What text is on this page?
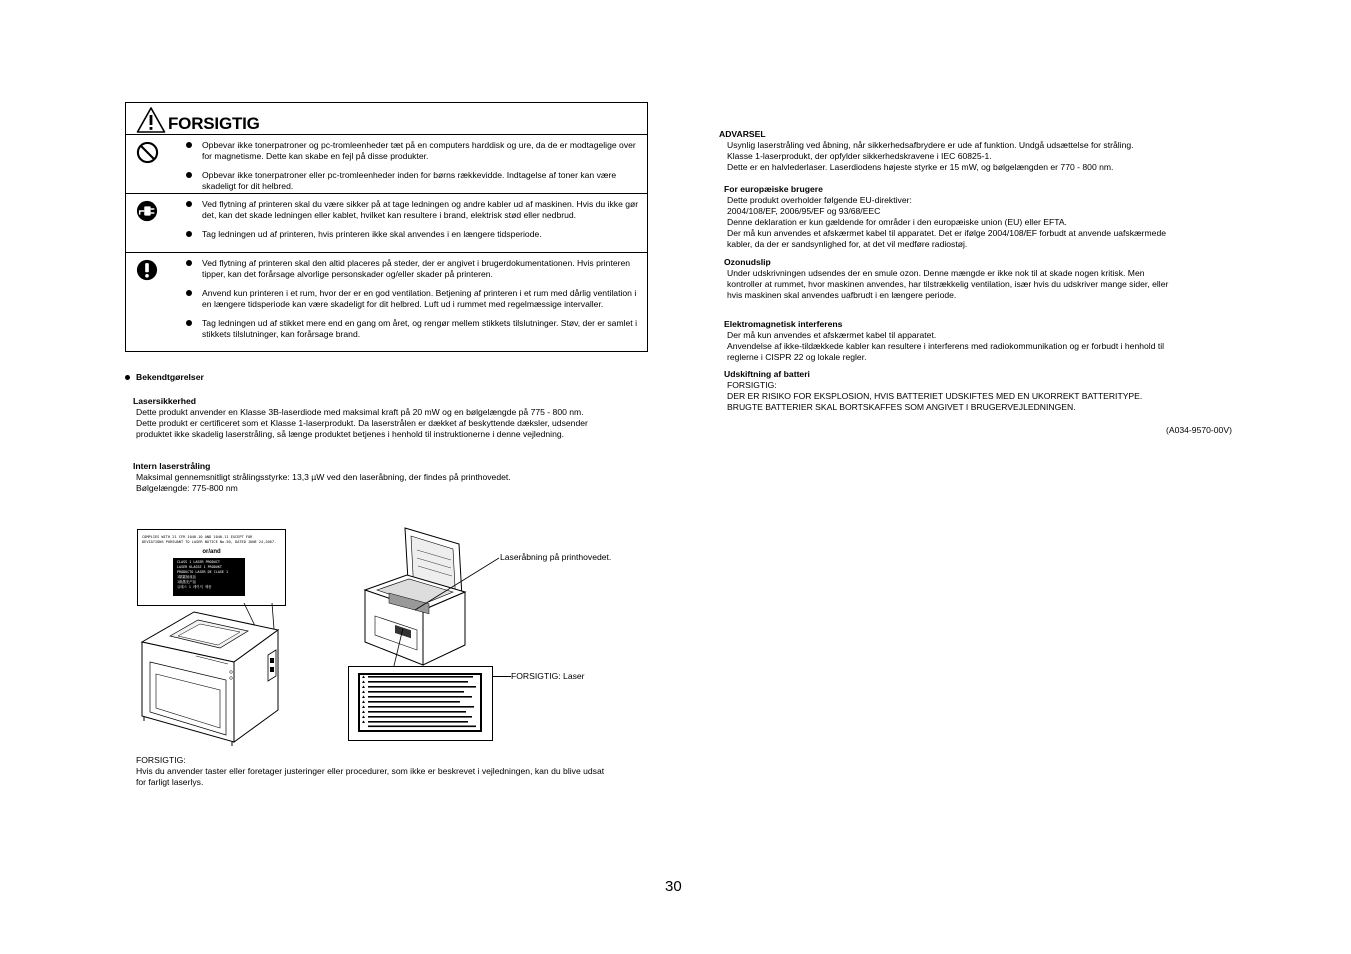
FORSIGTIG
Opbevar ikke tonerpatroner og pc-tromleenheder tæt på en computers harddisk og ure, da de er modtagelige over for magnetisme. Dette kan skabe en fejl på disse produkter.
Opbevar ikke tonerpatroner eller pc-tromleenheder inden for børns rækkevidde. Indtagelse af toner kan være skadeligt for dit helbred.
Ved flytning af printeren skal du være sikker på at tage ledningen og andre kabler ud af maskinen. Hvis du ikke gør det, kan det skade ledningen eller kablet, hvilket kan resultere i brand, elektrisk stød eller nedbrud.
Tag ledningen ud af printeren, hvis printeren ikke skal anvendes i en længere tidsperiode.
Ved flytning af printeren skal den altid placeres på steder, der er angivet i brugerdokumentationen. Hvis printeren tipper, kan det forårsage alvorlige personskader og/eller skader på printeren.
Anvend kun printeren i et rum, hvor der er en god ventilation. Betjening af printeren i et rum med dårlig ventilation i en længere tidsperiode kan være skadeligt for dit helbred. Luft ud i rummet med regelmæssige intervaller.
Tag ledningen ud af stikket mere end en gang om året, og rengør mellem stikkets tilslutninger. Støv, der er samlet i stikkets tilslutninger, kan forårsage brand.
Bekendtgørelser
Lasersikkerhed
Dette produkt anvender en Klasse 3B-laserdiode med maksimal kraft på 20 mW og en bølgelængde på 775 - 800 nm.
Dette produkt er certificeret som et Klasse 1-laserprodukt. Da laserstrålen er dækket af beskyttende dæksler, udsender
produktet ikke skadelig laserstråling, så længe produktet betjenes i henhold til instruktionerne i denne vejledning.
Intern laserstråling
Maksimal gennemsnitligt strålingsstyrke: 13,3 µW ved den laseråbning, der findes på printhovedet.
Bølgelængde: 775-800 nm
COMPLIES WITH 21 CFR 1040.10 AND 1040.11 EXCEPT FOR
DEVIATIONS PURSUANT TO LASER NOTICE No.50, DATED JUNE 24,2007.
or/and
CLASS 1 LASER PRODUCT
LASER KLASSE 1 PRODUKT
PRODUCTO LASER DE CLASE 1
1類鐳射產品
1級激光产品
클래스 1 레이저 제품
Laseråbning på printhovedet.
FORSIGTIG: Laser
FORSIGTIG:
Hvis du anvender taster eller foretager justeringer eller procedurer, som ikke er beskrevet i vejledningen, kan du blive udsat
for farligt laserlys.
ADVARSEL
Usynlig laserstråling ved åbning, når sikkerhedsafbrydere er ude af funktion. Undgå udsættelse for stråling.
Klasse 1-laserprodukt, der opfylder sikkerhedskravene i IEC 60825-1.
Dette er en halvlederlaser. Laserdiodens højeste styrke er 15 mW, og bølgelængden er 770 - 800 nm.
For europæiske brugere
Dette produkt overholder følgende EU-direktiver:
2004/108/EF, 2006/95/EF og 93/68/EEC
Denne deklaration er kun gældende for områder i den europæiske union (EU) eller EFTA.
Der må kun anvendes et afskærmet kabel til apparatet. Det er ifølge 2004/108/EF forbudt at anvende uafskærmede
kabler, da der er sandsynlighed for, at det vil medføre radiostøj.
Ozonudslip
Under udskrivningen udsendes der en smule ozon. Denne mængde er ikke nok til at skade nogen kritisk. Men
kontroller at rummet, hvor maskinen anvendes, har tilstrækkelig ventilation, især hvis du udskriver mange sider, eller
hvis maskinen skal anvendes uafbrudt i en længere periode.
Elektromagnetisk interferens
Der må kun anvendes et afskærmet kabel til apparatet.
Anvendelse af ikke-tildækkede kabler kan resultere i interferens med radiokommunikation og er forbudt i henhold til
reglerne i CISPR 22 og lokale regler.
Udskiftning af batteri
FORSIGTIG:
DER ER RISIKO FOR EKSPLOSION, HVIS BATTERIET UDSKIFTES MED EN UKORREKT BATTERITYPE.
BRUGTE BATTERIER SKAL BORTSKAFFES SOM ANGIVET I BRUGERVEJLEDNINGEN.
(A034-9570-00V)
30
